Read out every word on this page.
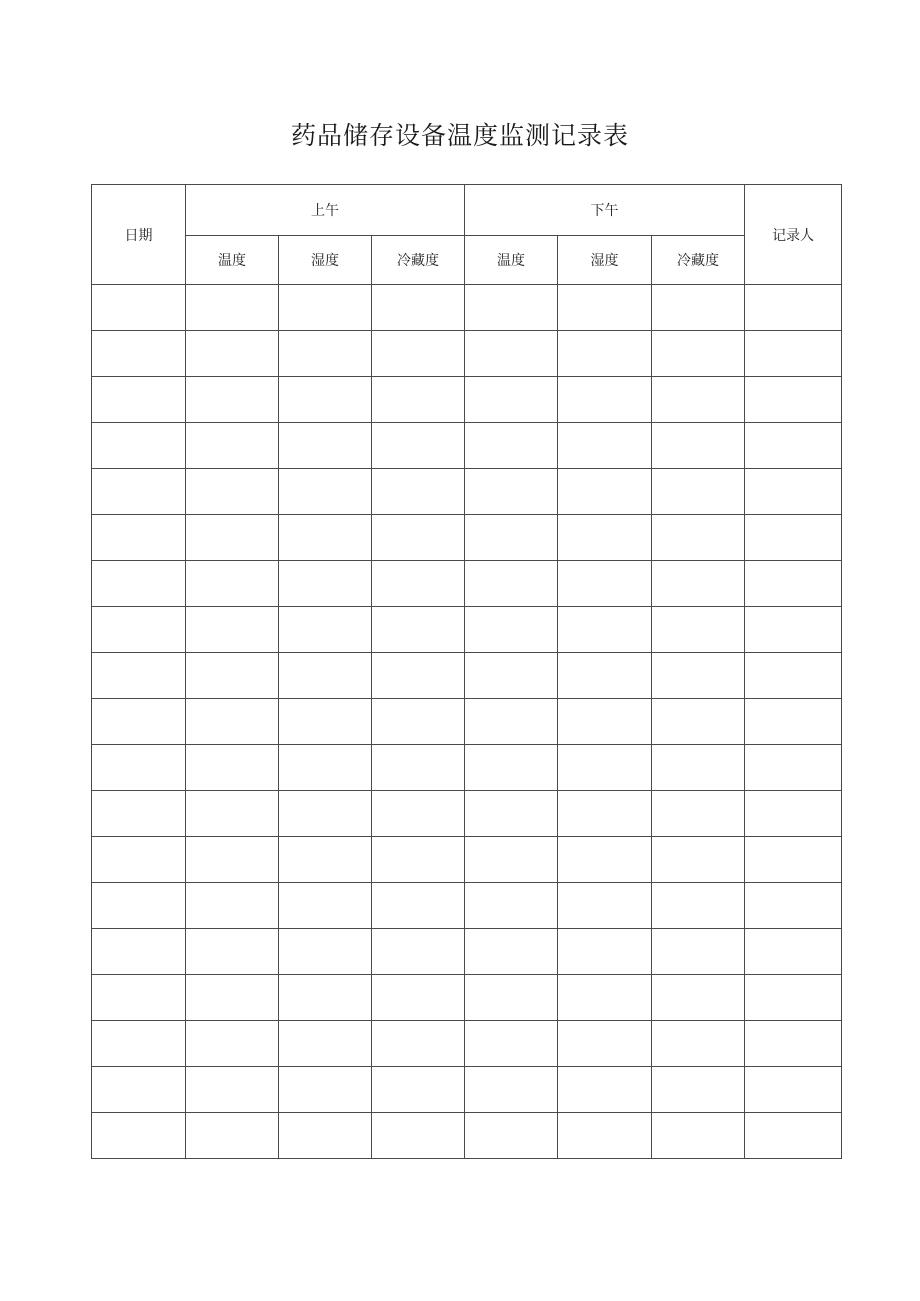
药品储存设备温度监测记录表
日期	上午			下午			记录人
	温度	湿度	冷藏度	温度	湿度	冷藏度	
